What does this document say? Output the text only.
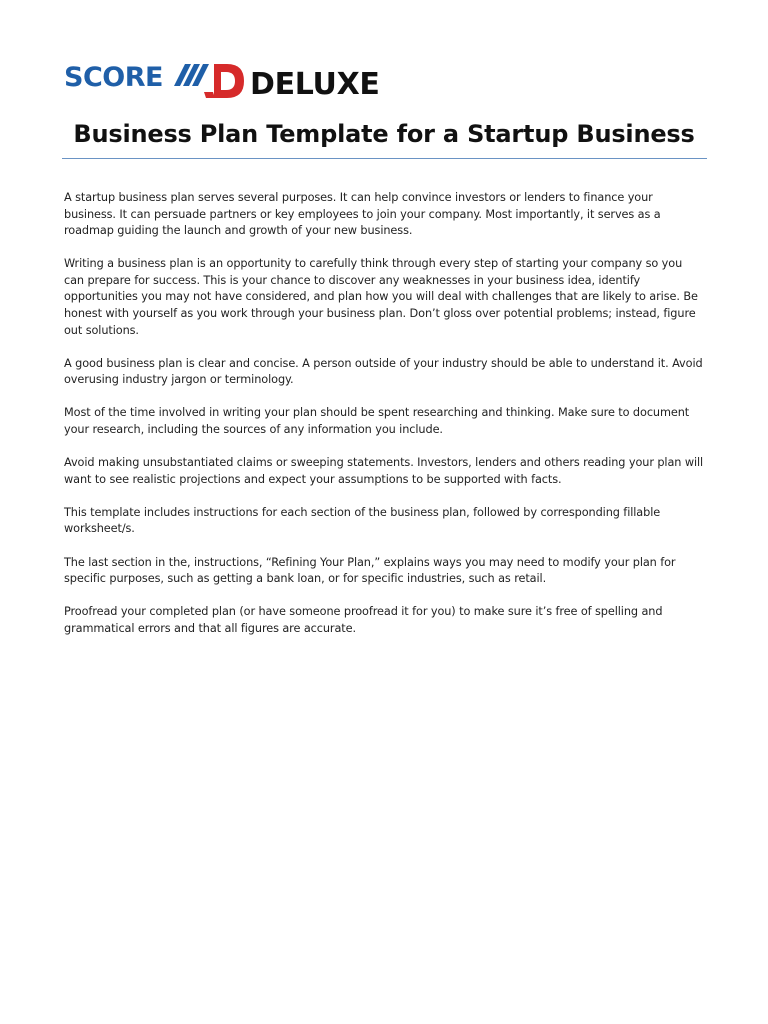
SCORE	DELUXE
Business Plan Template for a Startup Business

A startup business plan serves several purposes. It can help convince investors or lenders to finance your business. It can persuade partners or key employees to join your company. Most importantly, it serves as a roadmap guiding the launch and growth of your new business.

Writing a business plan is an opportunity to carefully think through every step of starting your company so you can prepare for success. This is your chance to discover any weaknesses in your business idea, identify opportunities you may not have considered, and plan how you will deal with challenges that are likely to arise. Be honest with yourself as you work through your business plan. Don’t gloss over potential problems; instead, figure out solutions.

A good business plan is clear and concise. A person outside of your industry should be able to understand it. Avoid overusing industry jargon or terminology.

Most of the time involved in writing your plan should be spent researching and thinking. Make sure to document your research, including the sources of any information you include.

Avoid making unsubstantiated claims or sweeping statements. Investors, lenders and others reading your plan will want to see realistic projections and expect your assumptions to be supported with facts.

This template includes instructions for each section of the business plan, followed by corresponding fillable worksheet/s.

The last section in the, instructions, “Refining Your Plan,” explains ways you may need to modify your plan for specific purposes, such as getting a bank loan, or for specific industries, such as retail.

Proofread your completed plan (or have someone proofread it for you) to make sure it’s free of spelling and grammatical errors and that all figures are accurate.
